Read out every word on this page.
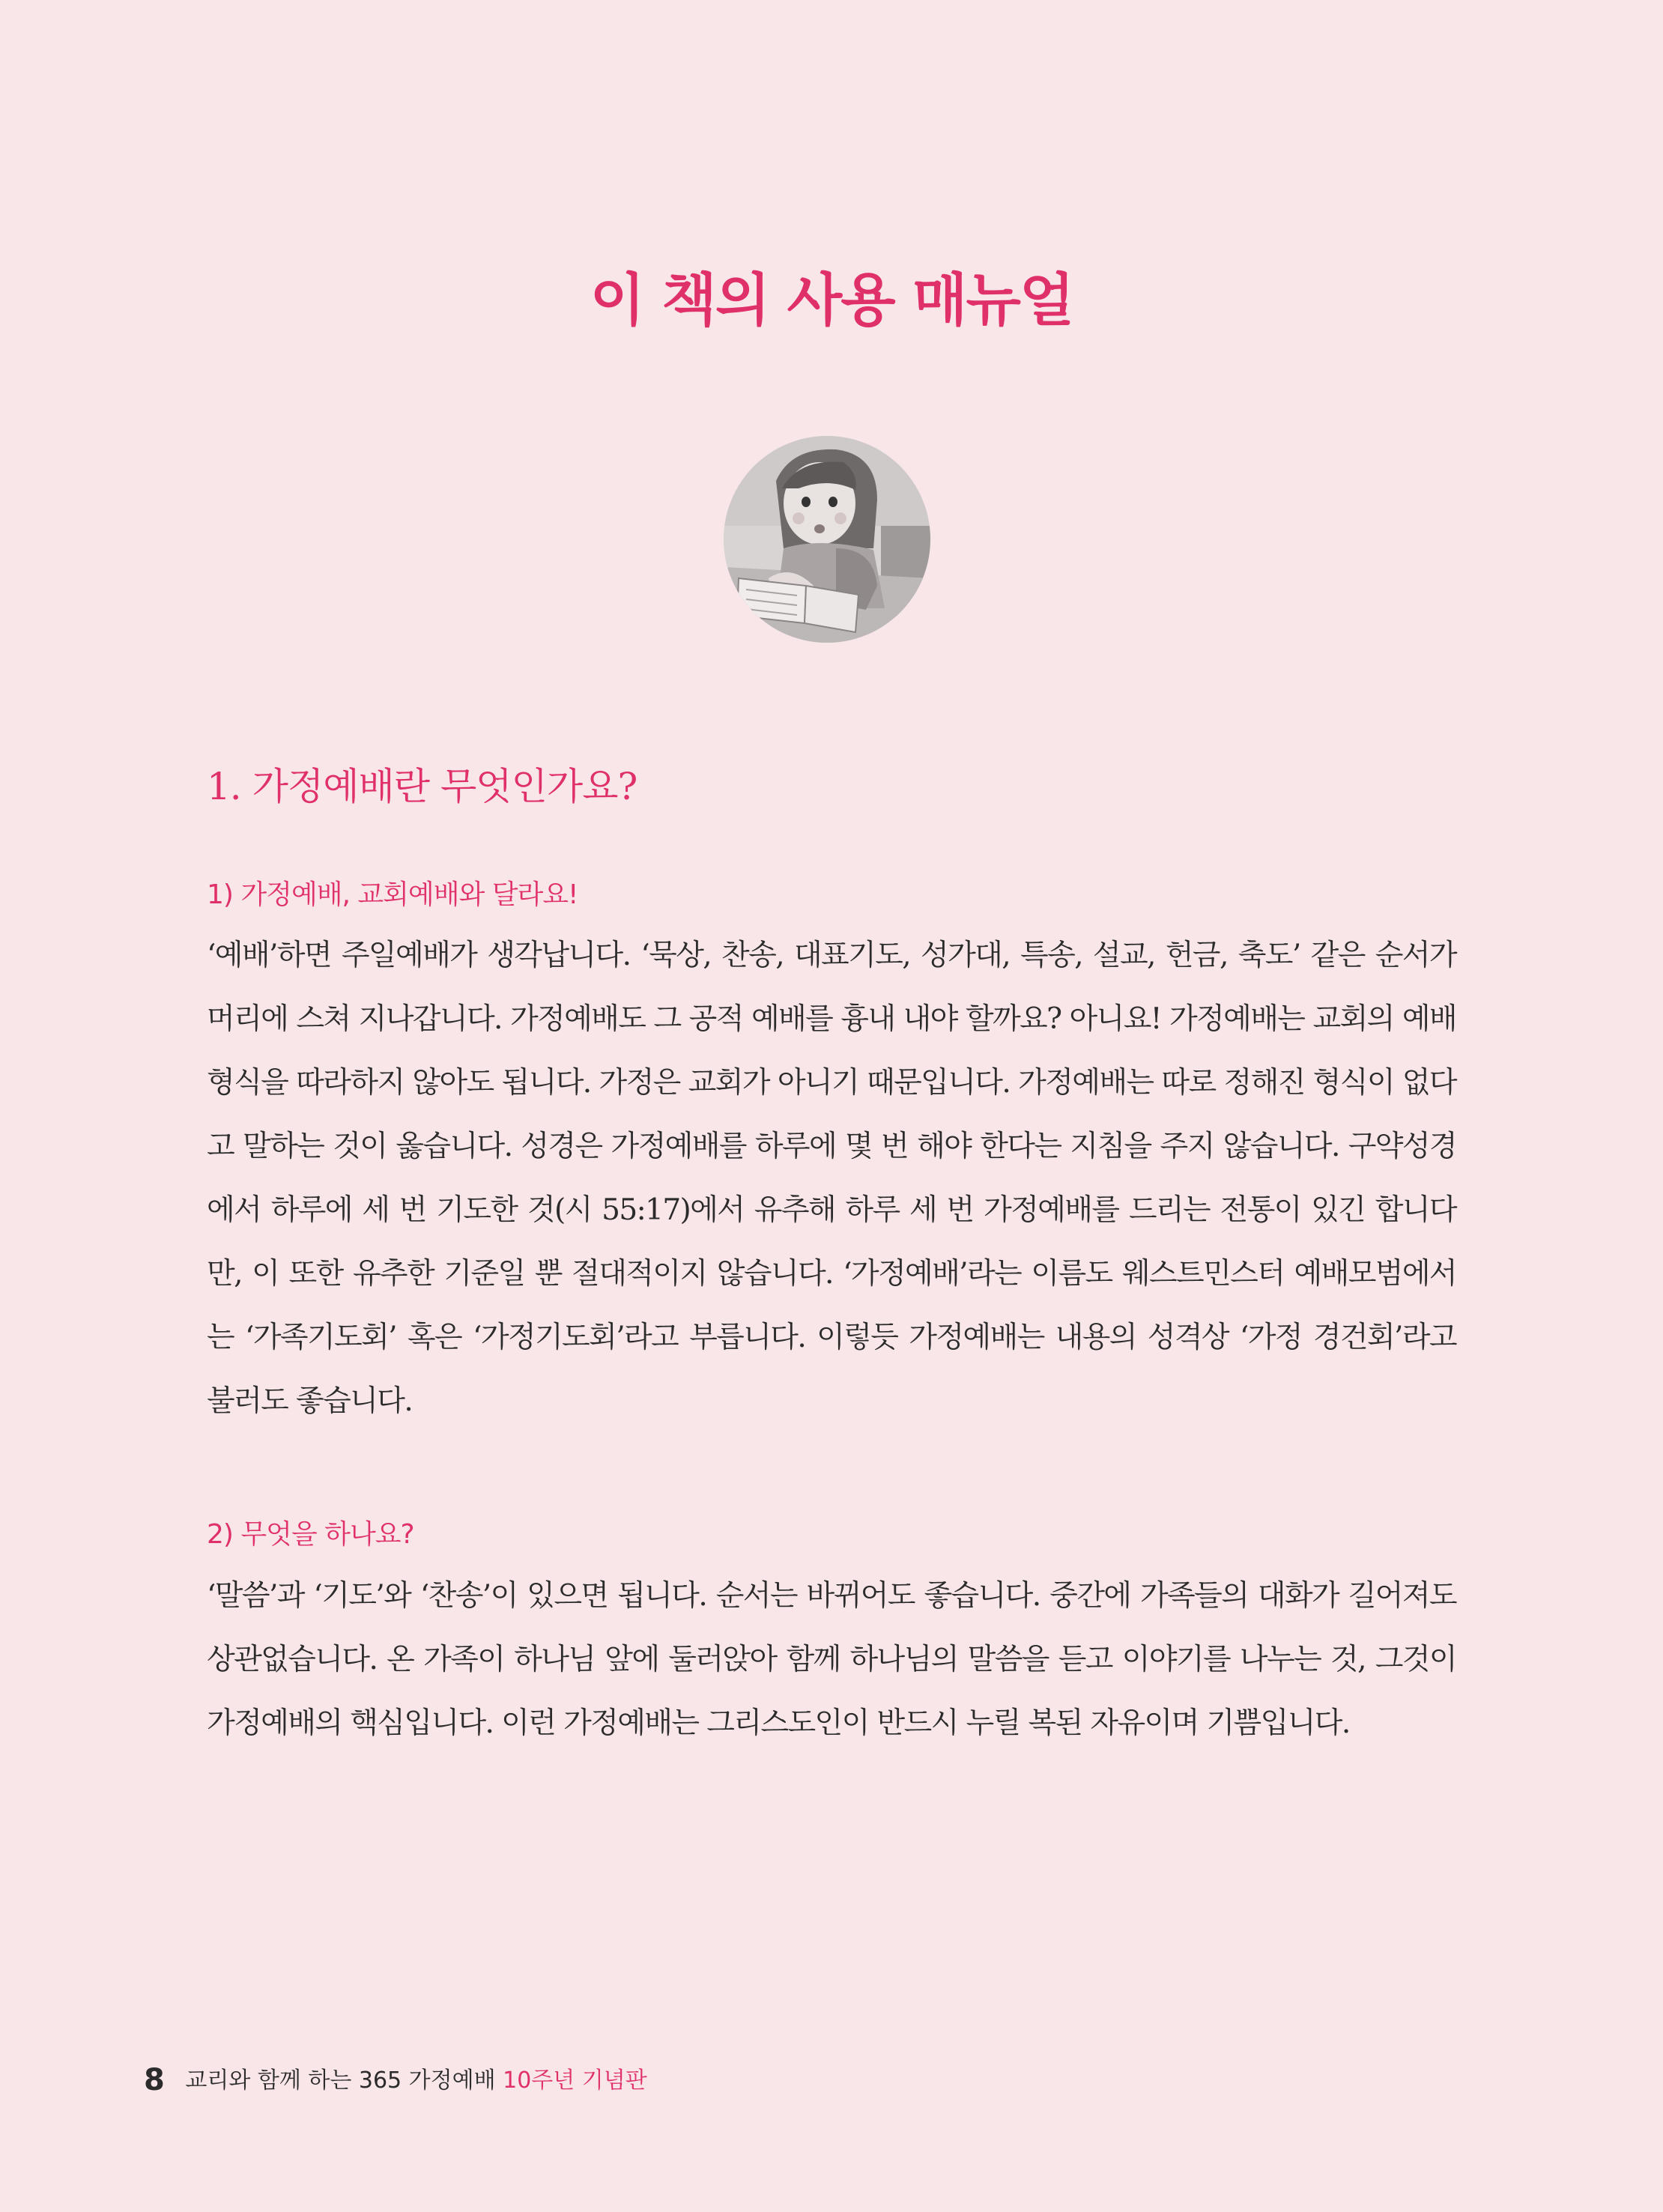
이 책의 사용 매뉴얼
1. 가정예배란 무엇인가요?
1) 가정예배, 교회예배와 달라요!

‘예배’하면 주일예배가 생각납니다. ‘묵상, 찬송, 대표기도, 성가대, 특송, 설교, 헌금, 축도’ 같은 순서가 머리에 스쳐 지나갑니다. 가정예배도 그 공적 예배를 흉내 내야 할까요? 아니요! 가정예배는 교회의 예배 형식을 따라하지 않아도 됩니다. 가정은 교회가 아니기 때문입니다. 가정예배는 따로 정해진 형식이 없다고 말하는 것이 옳습니다. 성경은 가정예배를 하루에 몇 번 해야 한다는 지침을 주지 않습니다. 구약성경에서 하루에 세 번 기도한 것(시 55:17)에서 유추해 하루 세 번 가정예배를 드리는 전통이 있긴 합니다만, 이 또한 유추한 기준일 뿐 절대적이지 않습니다. ‘가정예배’라는 이름도 웨스트민스터 예배모범에서는 ‘가족기도회’ 혹은 ‘가정기도회’라고 부릅니다. 이렇듯 가정예배는 내용의 성격상 ‘가정 경건회’라고 불러도 좋습니다.

2) 무엇을 하나요?

‘말씀’과 ‘기도’와 ‘찬송’이 있으면 됩니다. 순서는 바뀌어도 좋습니다. 중간에 가족들의 대화가 길어져도 상관없습니다. 온 가족이 하나님 앞에 둘러앉아 함께 하나님의 말씀을 듣고 이야기를 나누는 것, 그것이 가정예배의 핵심입니다. 이런 가정예배는 그리스도인이 반드시 누릴 복된 자유이며 기쁨입니다.

8 교리와 함께 하는 365 가정예배 10주년 기념판
